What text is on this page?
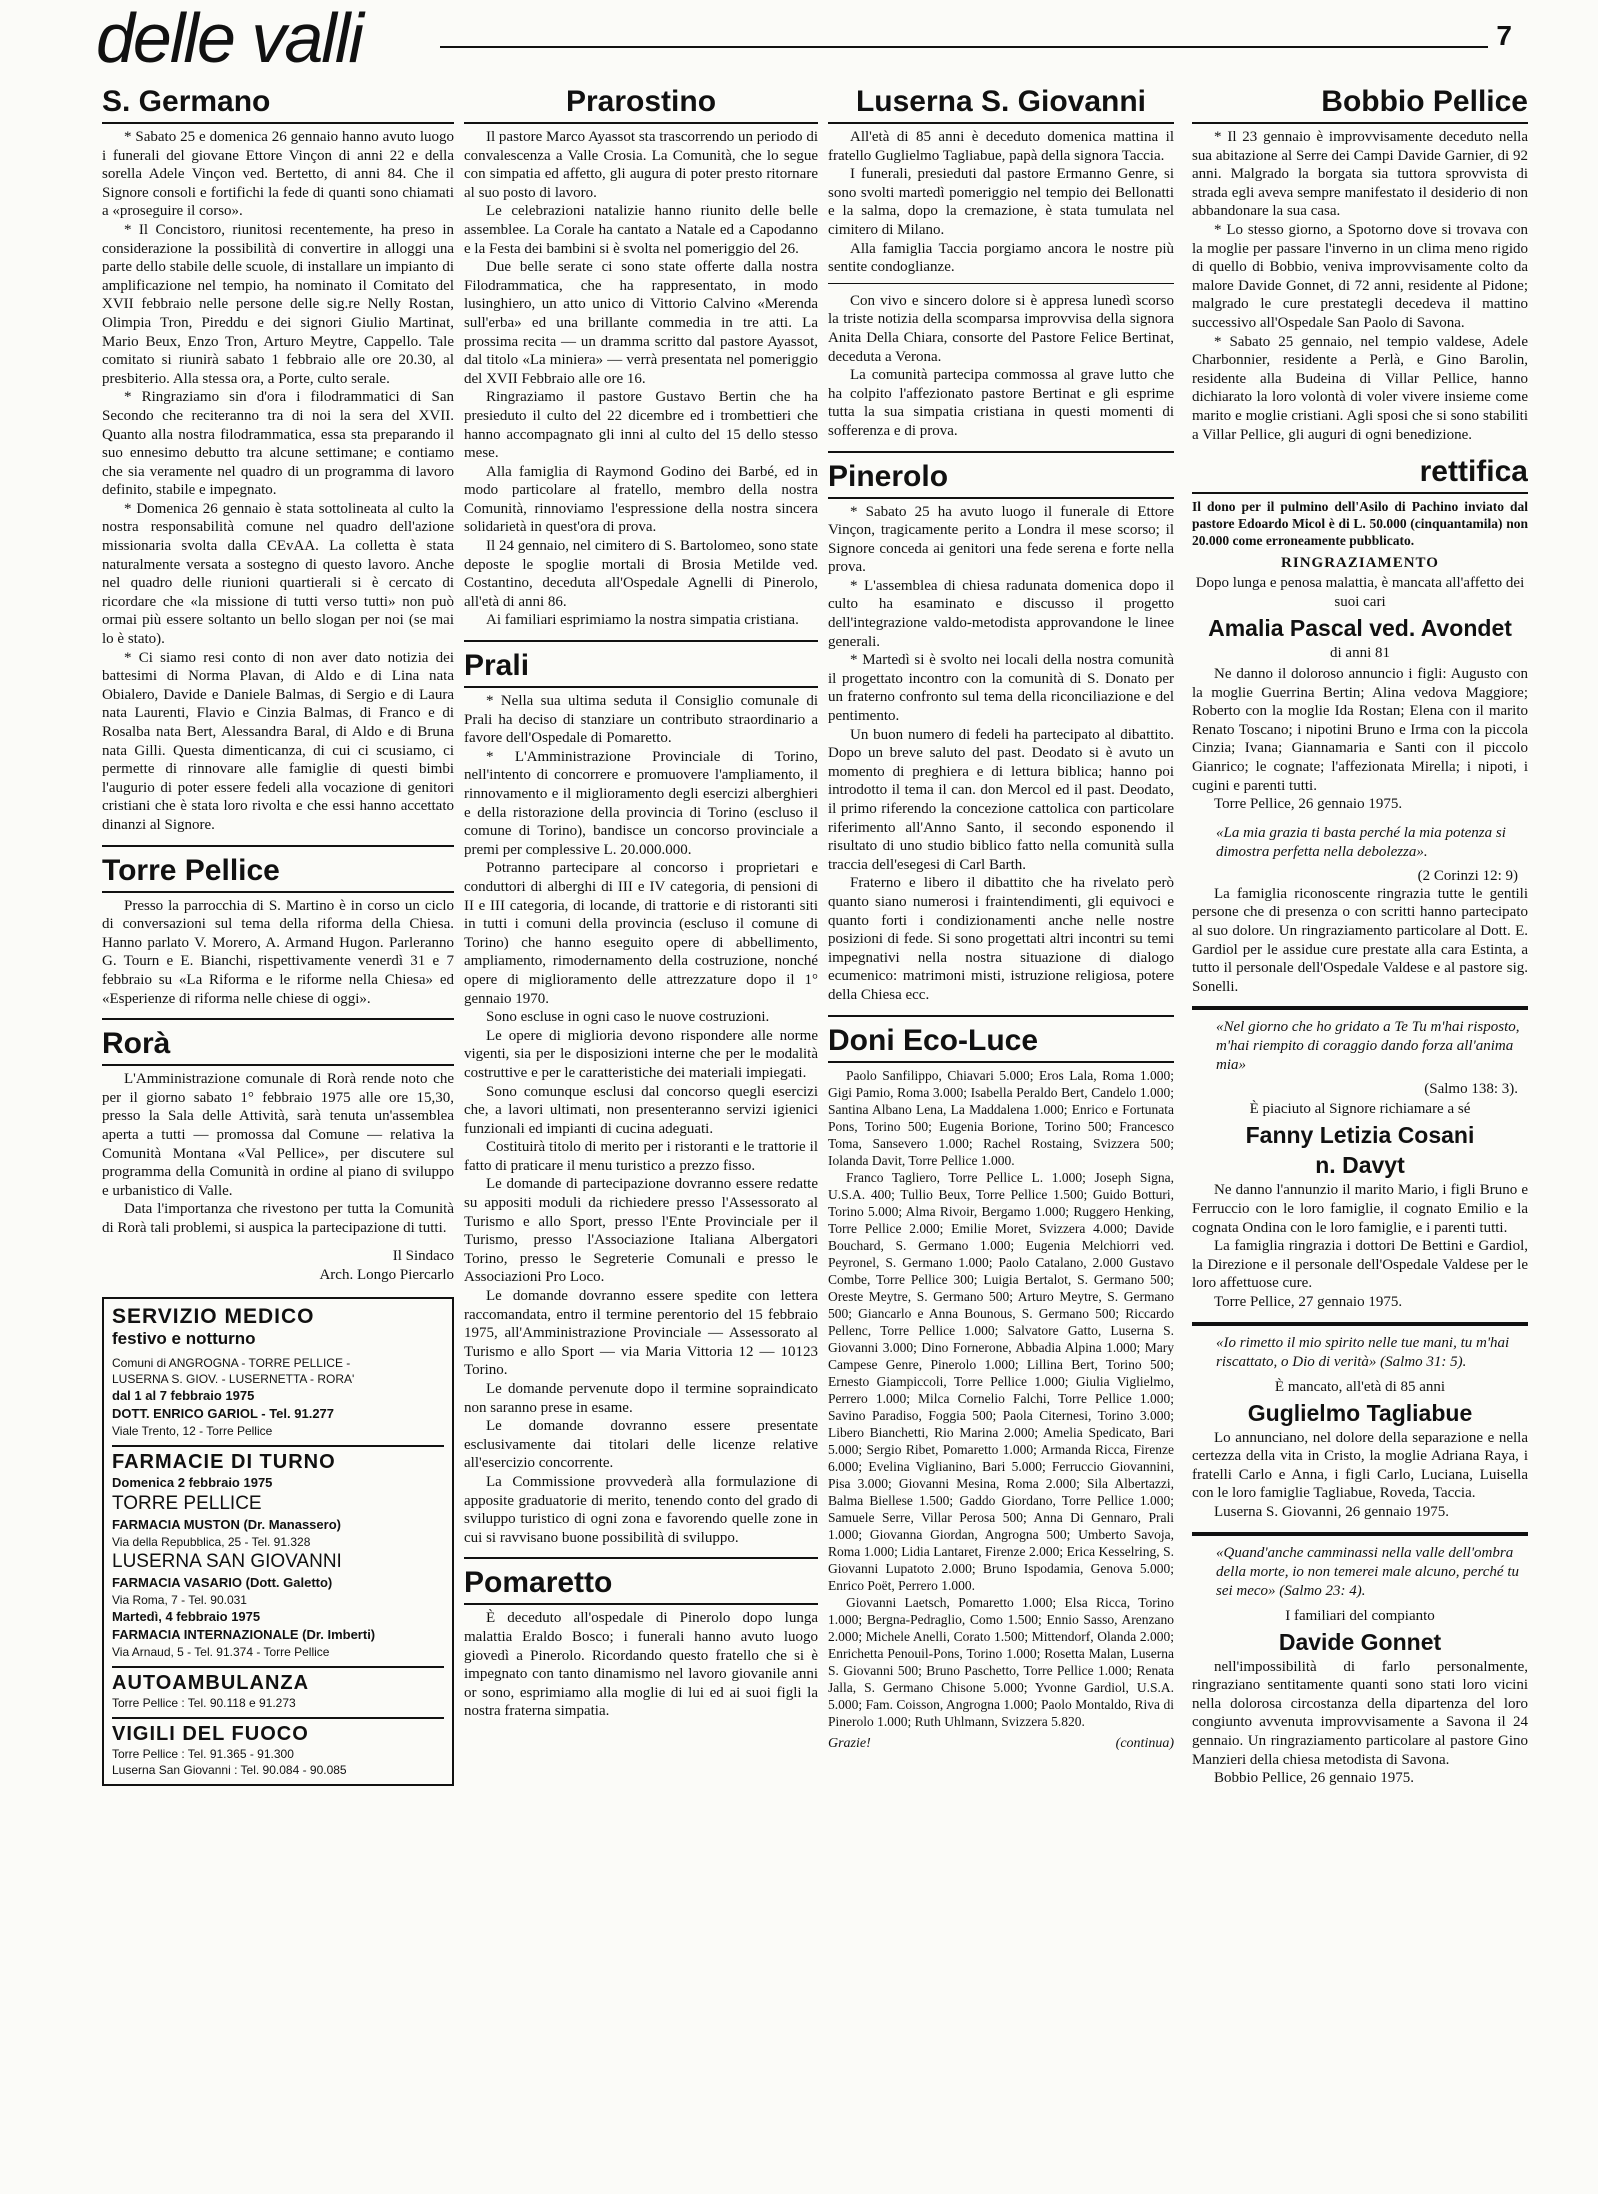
delle valli	7
S. Germano

* Sabato 25 e domenica 26 gennaio hanno avuto luogo i funerali del giovane Ettore Vinçon di anni 22 e della sorella Adele Vinçon ved. Bertetto, di anni 84. Che il Signore consoli e fortifichi la fede di quanti sono chiamati a «proseguire il corso».

* Il Concistoro, riunitosi recentemente, ha preso in considerazione la possibilità di convertire in alloggi una parte dello stabile delle scuole, di installare un impianto di amplificazione nel tempio, ha nominato il Comitato del XVII febbraio nelle persone delle sig.re Nelly Rostan, Olimpia Tron, Pireddu e dei signori Giulio Martinat, Mario Beux, Enzo Tron, Arturo Meytre, Cappello. Tale comitato si riunirà sabato 1 febbraio alle ore 20.30, al presbiterio. Alla stessa ora, a Porte, culto serale.

* Ringraziamo sin d'ora i filodrammatici di San Secondo che reciteranno tra di noi la sera del XVII. Quanto alla nostra filodrammatica, essa sta preparando il suo ennesimo debutto tra alcune settimane; e contiamo che sia veramente nel quadro di un programma di lavoro definito, stabile e impegnato.

* Domenica 26 gennaio è stata sottolineata al culto la nostra responsabilità comune nel quadro dell'azione missionaria svolta dalla CEvAA. La colletta è stata naturalmente versata a sostegno di questo lavoro. Anche nel quadro delle riunioni quartierali si è cercato di ricordare che «la missione di tutti verso tutti» non può ormai più essere soltanto un bello slogan per noi (se mai lo è stato).

* Ci siamo resi conto di non aver dato notizia dei battesimi di Norma Plavan, di Aldo e di Lina nata Obialero, Davide e Daniele Balmas, di Sergio e di Laura nata Laurenti, Flavio e Cinzia Balmas, di Franco e di Rosalba nata Bert, Alessandra Baral, di Aldo e di Bruna nata Gilli. Questa dimenticanza, di cui ci scusiamo, ci permette di rinnovare alle famiglie di questi bimbi l'augurio di poter essere fedeli alla vocazione di genitori cristiani che è stata loro rivolta e che essi hanno accettato dinanzi al Signore.

Torre Pellice

Presso la parrocchia di S. Martino è in corso un ciclo di conversazioni sul tema della riforma della Chiesa. Hanno parlato V. Morero, A. Armand Hugon. Parleranno G. Tourn e E. Bianchi, rispettivamente venerdì 31 e 7 febbraio su «La Riforma e le riforme nella Chiesa» ed «Esperienze di riforma nelle chiese di oggi».

Rorà

L'Amministrazione comunale di Rorà rende noto che per il giorno sabato 1° febbraio 1975 alle ore 15,30, presso la Sala delle Attività, sarà tenuta un'assemblea aperta a tutti — promossa dal Comune — relativa la Comunità Montana «Val Pellice», per discutere sul programma della Comunità in ordine al piano di sviluppo e urbanistico di Valle.

Data l'importanza che rivestono per tutta la Comunità di Rorà tali problemi, si auspica la partecipazione di tutti.

Il Sindaco
Arch. Longo Piercarlo
SERVIZIO MEDICO
festivo e notturno
Comuni di ANGROGNA - TORRE PELLICE -
LUSERNA S. GIOV. - LUSERNETTA - RORA'
dal 1 al 7 febbraio 1975
DOTT. ENRICO GARIOL - Tel. 91.277
Viale Trento, 12 - Torre Pellice
FARMACIE DI TURNO
Domenica 2 febbraio 1975
TORRE PELLICE
FARMACIA MUSTON (Dr. Manassero)
Via della Repubblica, 25 - Tel. 91.328
LUSERNA SAN GIOVANNI
FARMACIA VASARIO (Dott. Galetto)
Via Roma, 7 - Tel. 90.031
Martedì, 4 febbraio 1975
FARMACIA INTERNAZIONALE (Dr. Imberti)
Via Arnaud, 5 - Tel. 91.374 - Torre Pellice
AUTOAMBULANZA
Torre Pellice : Tel. 90.118 e 91.273
VIGILI DEL FUOCO
Torre Pellice : Tel. 91.365 - 91.300
Luserna San Giovanni : Tel. 90.084 - 90.085
Prarostino

Il pastore Marco Ayassot sta trascorrendo un periodo di convalescenza a Valle Crosia. La Comunità, che lo segue con simpatia ed affetto, gli augura di poter presto ritornare al suo posto di lavoro.

Le celebrazioni natalizie hanno riunito delle belle assemblee. La Corale ha cantato a Natale ed a Capodanno e la Festa dei bambini si è svolta nel pomeriggio del 26.

Due belle serate ci sono state offerte dalla nostra Filodrammatica, che ha rappresentato, in modo lusinghiero, un atto unico di Vittorio Calvino «Merenda sull'erba» ed una brillante commedia in tre atti. La prossima recita — un dramma scritto dal pastore Ayassot, dal titolo «La miniera» — verrà presentata nel pomeriggio del XVII Febbraio alle ore 16.

Ringraziamo il pastore Gustavo Bertin che ha presieduto il culto del 22 dicembre ed i trombettieri che hanno accompagnato gli inni al culto del 15 dello stesso mese.

Alla famiglia di Raymond Godino dei Barbé, ed in modo particolare al fratello, membro della nostra Comunità, rinnoviamo l'espressione della nostra sincera solidarietà in quest'ora di prova.

Il 24 gennaio, nel cimitero di S. Bartolomeo, sono state deposte le spoglie mortali di Brosia Metilde ved. Costantino, deceduta all'Ospedale Agnelli di Pinerolo, all'età di anni 86.

Ai familiari esprimiamo la nostra simpatia cristiana.

Prali

* Nella sua ultima seduta il Consiglio comunale di Prali ha deciso di stanziare un contributo straordinario a favore dell'Ospedale di Pomaretto.

* L'Amministrazione Provinciale di Torino, nell'intento di concorrere e promuovere l'ampliamento, il rinnovamento e il miglioramento degli esercizi alberghieri e della ristorazione della provincia di Torino (escluso il comune di Torino), bandisce un concorso provinciale a premi per complessive L. 20.000.000.

Potranno partecipare al concorso i proprietari e conduttori di alberghi di III e IV categoria, di pensioni di II e III categoria, di locande, di trattorie e di ristoranti siti in tutti i comuni della provincia (escluso il comune di Torino) che hanno eseguito opere di abbellimento, ampliamento, rimodernamento della costruzione, nonché opere di miglioramento delle attrezzature dopo il 1° gennaio 1970.

Sono escluse in ogni caso le nuove costruzioni.

Le opere di miglioria devono rispondere alle norme vigenti, sia per le disposizioni interne che per le modalità costruttive e per le caratteristiche dei materiali impiegati.

Sono comunque esclusi dal concorso quegli esercizi che, a lavori ultimati, non presenteranno servizi igienici funzionali ed impianti di cucina adeguati.

Costituirà titolo di merito per i ristoranti e le trattorie il fatto di praticare il menu turistico a prezzo fisso.

Le domande di partecipazione dovranno essere redatte su appositi moduli da richiedere presso l'Assessorato al Turismo e allo Sport, presso l'Ente Provinciale per il Turismo, presso l'Associazione Italiana Albergatori Torino, presso le Segreterie Comunali e presso le Associazioni Pro Loco.

Le domande dovranno essere spedite con lettera raccomandata, entro il termine perentorio del 15 febbraio 1975, all'Amministrazione Provinciale — Assessorato al Turismo e allo Sport — via Maria Vittoria 12 — 10123 Torino.

Le domande pervenute dopo il termine sopraindicato non saranno prese in esame.

Le domande dovranno essere presentate esclusivamente dai titolari delle licenze relative all'esercizio concorrente.

La Commissione provvederà alla formulazione di apposite graduatorie di merito, tenendo conto del grado di sviluppo turistico di ogni zona e favorendo quelle zone in cui si ravvisano buone possibilità di sviluppo.

Pomaretto

È deceduto all'ospedale di Pinerolo dopo lunga malattia Eraldo Bosco; i funerali hanno avuto luogo giovedì a Pinerolo. Ricordando questo fratello che si è impegnato con tanto dinamismo nel lavoro giovanile anni or sono, esprimiamo alla moglie di lui ed ai suoi figli la nostra fraterna simpatia.

Luserna S. Giovanni

All'età di 85 anni è deceduto domenica mattina il fratello Guglielmo Tagliabue, papà della signora Taccia.

I funerali, presieduti dal pastore Ermanno Genre, si sono svolti martedì pomeriggio nel tempio dei Bellonatti e la salma, dopo la cremazione, è stata tumulata nel cimitero di Milano.

Alla famiglia Taccia porgiamo ancora le nostre più sentite condoglianze.

Con vivo e sincero dolore si è appresa lunedì scorso la triste notizia della scomparsa improvvisa della signora Anita Della Chiara, consorte del Pastore Felice Bertinat, deceduta a Verona.

La comunità partecipa commossa al grave lutto che ha colpito l'affezionato pastore Bertinat e gli esprime tutta la sua simpatia cristiana in questi momenti di sofferenza e di prova.

Pinerolo

* Sabato 25 ha avuto luogo il funerale di Ettore Vinçon, tragicamente perito a Londra il mese scorso; il Signore conceda ai genitori una fede serena e forte nella prova.

* L'assemblea di chiesa radunata domenica dopo il culto ha esaminato e discusso il progetto dell'integrazione valdo-metodista approvandone le linee generali.

* Martedì si è svolto nei locali della nostra comunità il progettato incontro con la comunità di S. Donato per un fraterno confronto sul tema della riconciliazione e del pentimento.

Un buon numero di fedeli ha partecipato al dibattito. Dopo un breve saluto del past. Deodato si è avuto un momento di preghiera e di lettura biblica; hanno poi introdotto il tema il can. don Mercol ed il past. Deodato, il primo riferendo la concezione cattolica con particolare riferimento all'Anno Santo, il secondo esponendo il risultato di uno studio biblico fatto nella comunità sulla traccia dell'esegesi di Carl Barth.

Fraterno e libero il dibattito che ha rivelato però quanto siano numerosi i fraintendimenti, gli equivoci e quanto forti i condizionamenti anche nelle nostre posizioni di fede. Si sono progettati altri incontri su temi impegnativi nella nostra situazione di dialogo ecumenico: matrimoni misti, istruzione religiosa, potere della Chiesa ecc.

Doni Eco-Luce

Paolo Sanfilippo, Chiavari 5.000; Eros Lala, Roma 1.000; Gigi Pamio, Roma 3.000; Isabella Peraldo Bert, Candelo 1.000; Santina Albano Lena, La Maddalena 1.000; Enrico e Fortunata Pons, Torino 500; Eugenia Borione, Torino 500; Francesco Toma, Sansevero 1.000; Rachel Rostaing, Svizzera 500; Iolanda Davit, Torre Pellice 1.000.

Franco Tagliero, Torre Pellice L. 1.000; Joseph Signa, U.S.A. 400; Tullio Beux, Torre Pellice 1.500; Guido Botturi, Torino 5.000; Alma Rivoir, Bergamo 1.000; Ruggero Henking, Torre Pellice 2.000; Emilie Moret, Svizzera 4.000; Davide Bouchard, S. Germano 1.000; Eugenia Melchiorri ved. Peyronel, S. Germano 1.000; Paolo Catalano, 2.000 Gustavo Combe, Torre Pellice 300; Luigia Bertalot, S. Germano 500; Oreste Meytre, S. Germano 500; Arturo Meytre, S. Germano 500; Giancarlo e Anna Bounous, S. Germano 500; Riccardo Pellenc, Torre Pellice 1.000; Salvatore Gatto, Luserna S. Giovanni 3.000; Dino Fornerone, Abbadia Alpina 1.000; Mary Campese Genre, Pinerolo 1.000; Lillina Bert, Torino 500; Ernesto Giampiccoli, Torre Pellice 1.000; Giulia Viglielmo, Perrero 1.000; Milca Cornelio Falchi, Torre Pellice 1.000; Savino Paradiso, Foggia 500; Paola Citernesi, Torino 3.000; Libero Bianchetti, Rio Marina 2.000; Amelia Spedicato, Bari 5.000; Sergio Ribet, Pomaretto 1.000; Armanda Ricca, Firenze 6.000; Evelina Viglianino, Bari 5.000; Ferruccio Giovannini, Pisa 3.000; Giovanni Mesina, Roma 2.000; Sila Albertazzi, Balma Biellese 1.500; Gaddo Giordano, Torre Pellice 1.000; Samuele Serre, Villar Perosa 500; Anna Di Gennaro, Prali 1.000; Giovanna Giordan, Angrogna 500; Umberto Savoja, Roma 1.000; Lidia Lantaret, Firenze 2.000; Erica Kesselring, S. Giovanni Lupatoto 2.000; Bruno Ispodamia, Genova 5.000; Enrico Poët, Perrero 1.000.

Giovanni Laetsch, Pomaretto 1.000; Elsa Ricca, Torino 1.000; Bergna-Pedraglio, Como 1.500; Ennio Sasso, Arenzano 2.000; Michele Anelli, Corato 1.500; Mittendorf, Olanda 2.000; Enrichetta Penouil-Pons, Torino 1.000; Rosetta Malan, Luserna S. Giovanni 500; Bruno Paschetto, Torre Pellice 1.000; Renata Jalla, S. Germano Chisone 5.000; Yvonne Gardiol, U.S.A. 5.000; Fam. Coisson, Angrogna 1.000; Paolo Montaldo, Riva di Pinerolo 1.000; Ruth Uhlmann, Svizzera 5.820.

Grazie!	(continua)
Bobbio Pellice

* Il 23 gennaio è improvvisamente deceduto nella sua abitazione al Serre dei Campi Davide Garnier, di 92 anni. Malgrado la borgata sia tuttora sprovvista di strada egli aveva sempre manifestato il desiderio di non abbandonare la sua casa.

* Lo stesso giorno, a Spotorno dove si trovava con la moglie per passare l'inverno in un clima meno rigido di quello di Bobbio, veniva improvvisamente colto da malore Davide Gonnet, di 72 anni, residente al Pidone; malgrado le cure prestategli decedeva il mattino successivo all'Ospedale San Paolo di Savona.

* Sabato 25 gennaio, nel tempio valdese, Adele Charbonnier, residente a Perlà, e Gino Barolin, residente alla Budeina di Villar Pellice, hanno dichiarato la loro volontà di voler vivere insieme come marito e moglie cristiani. Agli sposi che si sono stabiliti a Villar Pellice, gli auguri di ogni benedizione.

rettifica
Il dono per il pulmino dell'Asilo di Pachino inviato dal pastore Edoardo Micol è di L. 50.000 (cinquantamila) non 20.000 come erroneamente pubblicato.
RINGRAZIAMENTO
Dopo lunga e penosa malattia, è mancata all'affetto dei suoi cari
Amalia Pascal ved. Avondet
di anni 81

Ne danno il doloroso annuncio i figli: Augusto con la moglie Guerrina Bertin; Alina vedova Maggiore; Roberto con la moglie Ida Rostan; Elena con il marito Renato Toscano; i nipotini Bruno e Irma con la piccola Cinzia; Ivana; Giannamaria e Santi con il piccolo Gianrico; le cognate; l'affezionata Mirella; i nipoti, i cugini e parenti tutti.

Torre Pellice, 26 gennaio 1975.

«La mia grazia ti basta perché la mia potenza si dimostra perfetta nella debolezza».
(2 Corinzi 12: 9)

La famiglia riconoscente ringrazia tutte le gentili persone che di presenza o con scritti hanno partecipato al suo dolore. Un ringraziamento particolare al Dott. E. Gardiol per le assidue cure prestate alla cara Estinta, a tutto il personale dell'Ospedale Valdese e al pastore sig. Sonelli.

«Nel giorno che ho gridato a Te Tu m'hai risposto, m'hai riempito di coraggio dando forza all'anima mia»
(Salmo 138: 3).
È piaciuto al Signore richiamare a sé
Fanny Letizia Cosani
n. Davyt

Ne danno l'annunzio il marito Mario, i figli Bruno e Ferruccio con le loro famiglie, il cognato Emilio e la cognata Ondina con le loro famiglie, e i parenti tutti.

La famiglia ringrazia i dottori De Bettini e Gardiol, la Direzione e il personale dell'Ospedale Valdese per le loro affettuose cure.

Torre Pellice, 27 gennaio 1975.

«Io rimetto il mio spirito nelle tue mani, tu m'hai riscattato, o Dio di verità» (Salmo 31: 5).
È mancato, all'età di 85 anni
Guglielmo Tagliabue

Lo annunciano, nel dolore della separazione e nella certezza della vita in Cristo, la moglie Adriana Raya, i fratelli Carlo e Anna, i figli Carlo, Luciana, Luisella con le loro famiglie Tagliabue, Roveda, Taccia.

Luserna S. Giovanni, 26 gennaio 1975.

«Quand'anche camminassi nella valle dell'ombra della morte, io non temerei male alcuno, perché tu sei meco» (Salmo 23: 4).
I familiari del compianto
Davide Gonnet

nell'impossibilità di farlo personalmente, ringraziano sentitamente quanti sono stati loro vicini nella dolorosa circostanza della dipartenza del loro congiunto avvenuta improvvisamente a Savona il 24 gennaio. Un ringraziamento particolare al pastore Gino Manzieri della chiesa metodista di Savona.

Bobbio Pellice, 26 gennaio 1975.
